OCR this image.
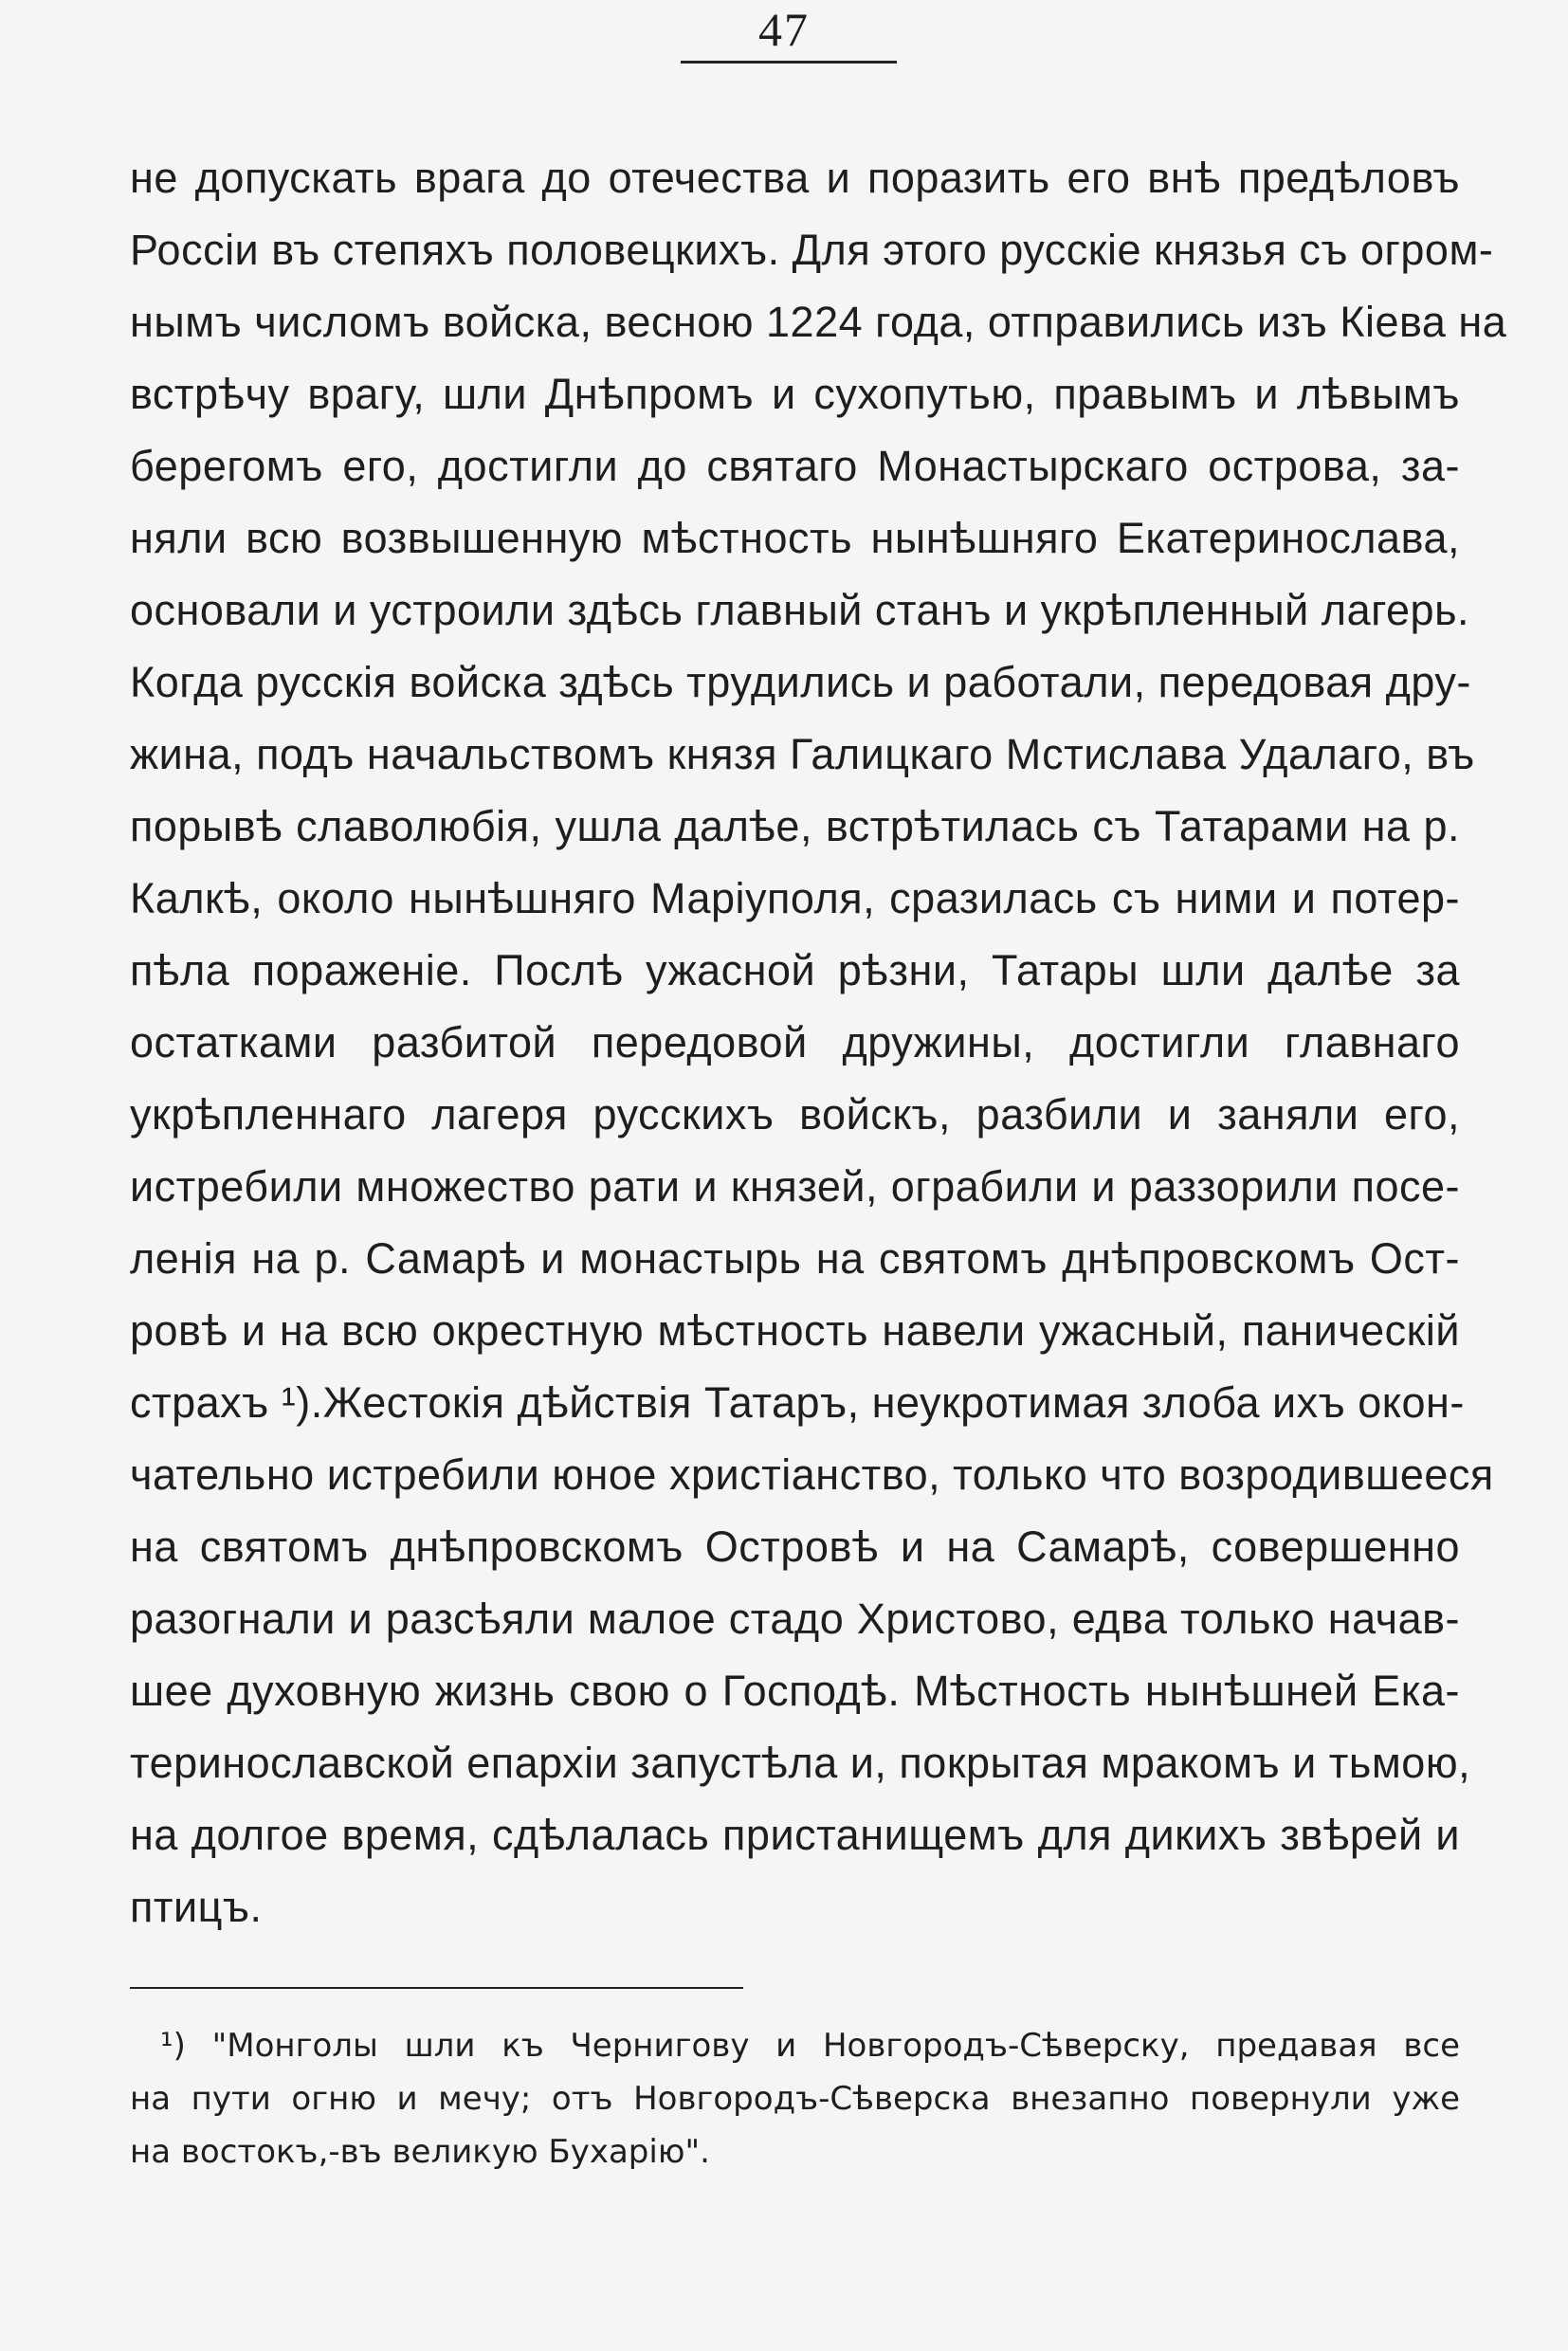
47
не допускать врага до отечества и поразить его внѣ предѣловъ
Россіи въ степяхъ половецкихъ. Для этого русскіе князья съ огром-
нымъ числомъ войска, весною 1224 года, отправились изъ Кіева на
встрѣчу врагу, шли Днѣпромъ и сухопутью, правымъ и лѣвымъ
берегомъ его, достигли до святаго Монастырскаго острова, за-
няли всю возвышенную мѣстность нынѣшняго Екатеринослава,
основали и устроили здѣсь главный станъ и укрѣпленный лагерь.
Когда русскія войска здѣсь трудились и работали, передовая дру-
жина, подъ начальствомъ князя Галицкаго Мстислава Удалаго, въ
порывѣ славолюбія, ушла далѣе, встрѣтилась съ Татарами на р.
Калкѣ, около нынѣшняго Маріуполя, сразилась съ ними и потер-
пѣла пораженіе. Послѣ ужасной рѣзни, Татары шли далѣе за
остатками разбитой передовой дружины, достигли главнаго
укрѣпленнаго лагеря русскихъ войскъ, разбили и заняли его,
истребили множество рати и князей, ограбили и раззорили посе-
ленія на р. Самарѣ и монастырь на святомъ днѣпровскомъ Ост-
ровѣ и на всю окрестную мѣстность навели ужасный, паническій
страхъ ¹).Жестокія дѣйствія Татаръ, неукротимая злоба ихъ окон-
чательно истребили юное христіанство, только что возродившееся
на святомъ днѣпровскомъ Островѣ и на Самарѣ, совершенно
разогнали и разсѣяли малое стадо Христово, едва только начав-
шее духовную жизнь свою о Господѣ. Мѣстность нынѣшней Ека-
теринославской епархіи запустѣла и, покрытая мракомъ и тьмою,
на долгое время, сдѣлалась пристанищемъ для дикихъ звѣрей и
птицъ.
¹) "Монголы шли къ Чернигову и Новгородъ-Сѣверску, предавая все
на пути огню и мечу; отъ Новгородъ-Сѣверска внезапно повернули уже
на востокъ,-въ великую Бухарію".
